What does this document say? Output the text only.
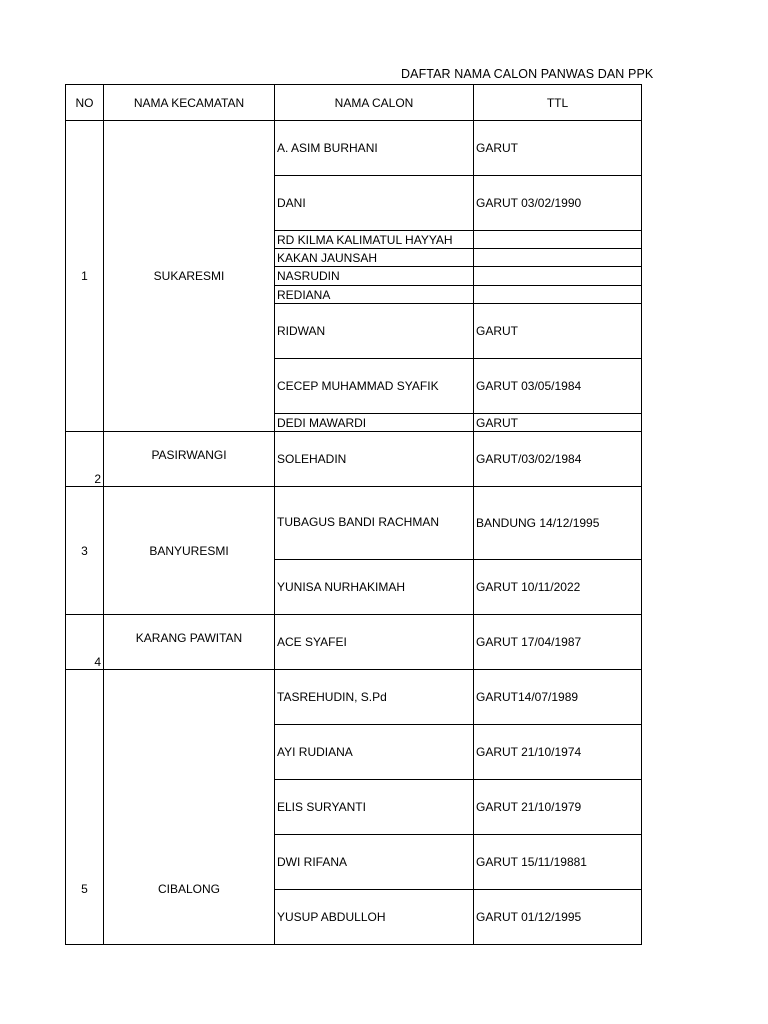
DAFTAR NAMA CALON PANWAS DAN PPK
NO	NAMA KECAMATAN	NAMA CALON	TTL
1	SUKARESMI	A. ASIM BURHANI	GARUT
		DANI	GARUT 03/02/1990
		RD KILMA KALIMATUL HAYYAH	
		KAKAN JAUNSAH	
		NASRUDIN	
		REDIANA	
		RIDWAN	GARUT
		CECEP MUHAMMAD SYAFIK	GARUT 03/05/1984
		DEDI MAWARDI	GARUT
2	PASIRWANGI	SOLEHADIN	GARUT/03/02/1984
3	BANYURESMI	TUBAGUS BANDI RACHMAN	BANDUNG 14/12/1995
		YUNISA NURHAKIMAH	GARUT 10/11/2022
4	KARANG PAWITAN	ACE SYAFEI	GARUT 17/04/1987
5	CIBALONG	TASREHUDIN, S.Pd	GARUT14/07/1989
		AYI RUDIANA	GARUT 21/10/1974
		ELIS SURYANTI	GARUT 21/10/1979
		DWI RIFANA	GARUT 15/11/19881
		YUSUP ABDULLOH	GARUT 01/12/1995
